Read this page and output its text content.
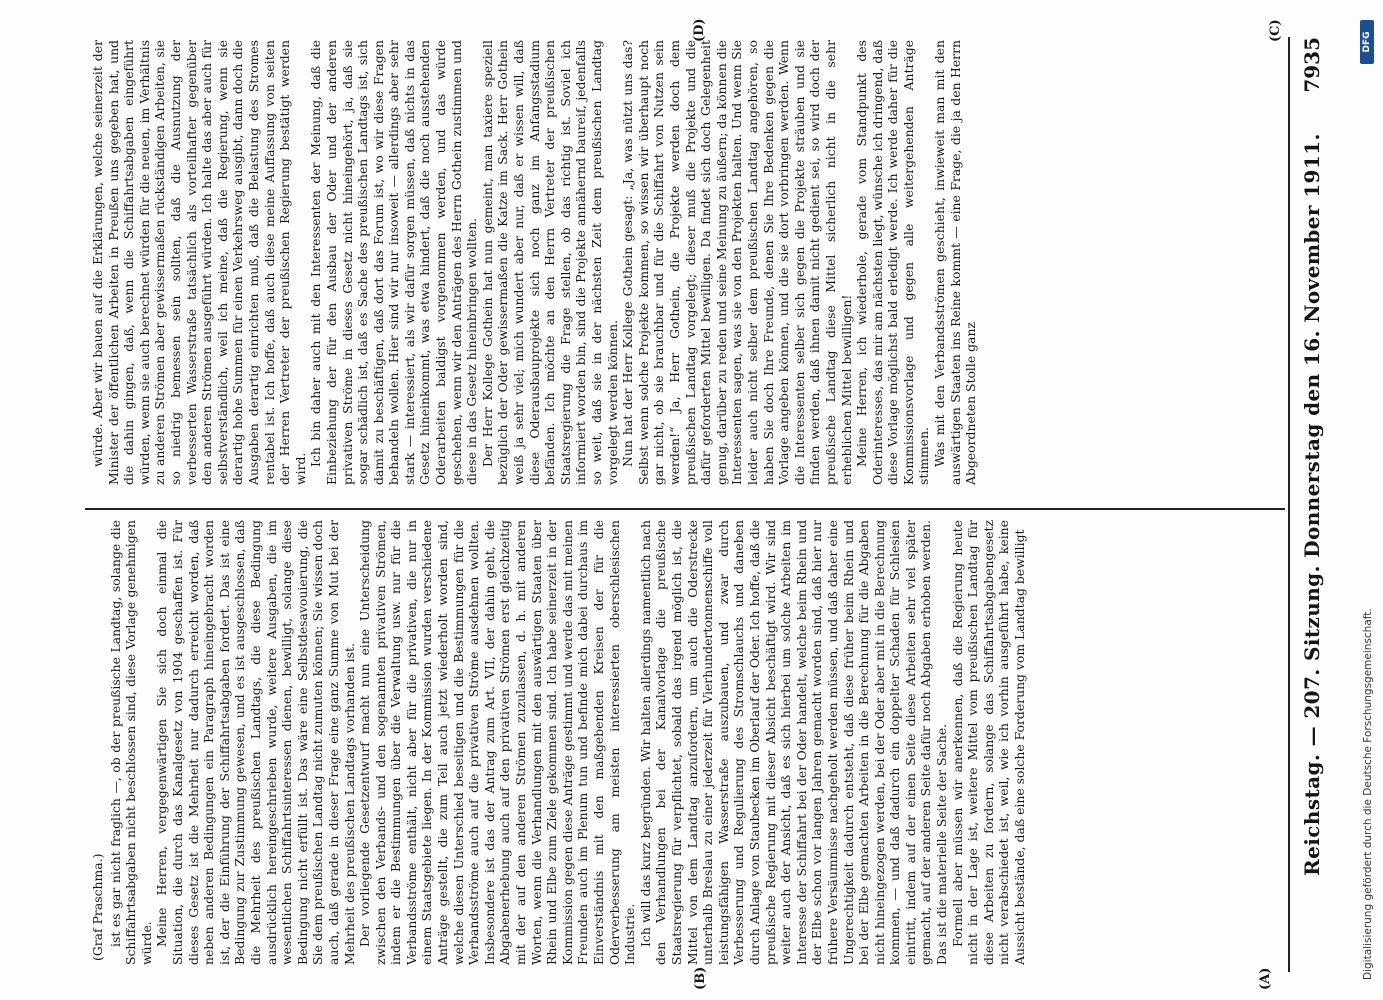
Reichstag. — 207. Sitzung. Donnerstag den 16. November 1911.
7935
(A)
(B)
(C)
(D)

(Graf Praschma.) ist es gar nicht fraglich —, ob der preußische Landtag, solange die Schiffahrtsabgaben nicht beschlossen sind, diese Vorlage genehmigen würde. Meine Herren, vergegenwärtigen Sie sich doch einmal die Situation, die durch das Kanalgesetz von 1904 geschaffen ist. Für dieses Gesetz ist die Mehrheit nur dadurch erreicht worden, daß neben anderen Bedingungen ein Paragraph hineingebracht worden ist, der die Einführung der Schiffahrtsabgaben fordert. Das ist eine Bedingung zur Zustimmung gewesen, und es ist ausgeschlossen, daß die Mehrheit des preußischen Landtags, die diese Bedingung ausdrücklich hereingeschrieben wurde, weitere Ausgaben, die im wesentlichen Schiffahrtsinteressen dienen, bewilligt, solange diese Bedingung nicht erfüllt ist. Das wäre eine Selbstdesavouierung, die Sie dem preußischen Landtag nicht zumuten können; Sie wissen doch auch, daß gerade in dieser Frage eine ganz Summe von Mut bei der Mehrheit des preußischen Landtags vorhanden ist. Der vorliegende Gesetzentwurf macht nun eine Unterscheidung zwischen den Verbands- und den sogenannten privativen Strömen, indem er die Bestimmungen über die Verwaltung usw. nur für die Verbandsströme enthält, nicht aber für die privativen, die nur in einem Staatsgebiete liegen. In der Kommission wurden verschiedene Anträge gestellt, die zum Teil auch jetzt wiederholt worden sind, welche diesen Unterschied beseitigen und die Bestimmungen für die Verbandsströme auch auf die privativen Ströme ausdehnen wollten. Insbesondere ist das der Antrag zum Art. VII, der dahin geht, die Abgabenerhebung auch auf den privativen Strömen erst gleichzeitig mit der auf den anderen Strömen zuzulassen, d. h. mit anderen Worten, wenn die Verhandlungen mit den auswärtigen Staaten über Rhein und Elbe zum Ziele gekommen sind. Ich habe seinerzeit in der Kommission gegen diese Anträge gestimmt und werde das mit meinen Freunden auch im Plenum tun und befinde mich dabei durchaus im Einverständnis mit den maßgebenden Kreisen der für die Oderverbesserung am meisten interessierten oberschlesischen Industrie. Ich will das kurz begründen. Wir halten allerdings namentlich nach den Verhandlungen bei der Kanalvorlage die preußische Staatsregierung für verpflichtet, sobald das irgend möglich ist, die Mittel von dem Landtag anzufordern, um auch die Oderstrecke unterhalb Breslau zu einer jederzeit für Vierhundertonnenschiffe voll leistungsfähigen Wasserstraße auszubauen, und zwar durch Verbesserung und Regulierung des Stromschlauchs und daneben durch Anlage von Staubecken im Oberlauf der Oder. Ich hoffe, daß die preußische Regierung mit dieser Absicht beschäftigt wird. Wir sind weiter auch der Ansicht, daß es sich hierbei um solche Arbeiten im Interesse der Schiffahrt bei der Oder handelt, welche beim Rhein und der Elbe schon vor langen Jahren gemacht worden sind, daß hier nur frühere Versäumnisse nachgeholt werden müssen, und daß daher eine Ungerechtigkeit dadurch entsteht, daß diese früher beim Rhein und bei der Elbe gemachten Arbeiten in die Berechnung für die Abgaben nicht hineingezogen werden, bei der Oder aber mit in die Berechnung kommen, — und daß dadurch ein doppelter Schaden für Schlesien eintritt, indem auf der einen Seite diese Arbeiten sehr viel später gemacht, auf der anderen Seite dafür noch Abgaben erhoben werden. Das ist die materielle Seite der Sache. Formell aber müssen wir anerkennen, daß die Regierung heute nicht in der Lage ist, weitere Mittel vom preußischen Landtag für diese Arbeiten zu fordern, solange das Schiffahrtsabgabengesetz nicht verabschiedet ist, weil, wie ich vorhin ausgeführt habe, keine Aussicht bestände, daß eine solche Forderung vom Landtag bewilligt

würde. Aber wir bauen auf die Erklärungen, welche seinerzeit der Minister der öffentlichen Arbeiten in Preußen uns gegeben hat, und die dahin gingen, daß, wenn die Schiffahrtsabgaben eingeführt würden, wenn sie auch berechnet würden für die neuen, im Verhältnis zu anderen Strömen aber gewissermaßen rückständigen Arbeiten, sie so niedrig bemessen sein sollten, daß die Ausnutzung der verbesserten Wasserstraße tatsächlich als vorteilhafter gegenüber den anderen Strömen ausgeführt würden. Ich halte das aber auch für selbstverständlich, weil ich meine, daß die Regierung, wenn sie derartig hohe Summen für einen Verkehrsweg ausgibt, dann doch die Ausgaben derartig einrichten muß, daß die Belastung des Stromes rentabel ist. Ich hoffe, daß auch diese meine Auffassung von seiten der Herren Vertreter der preußischen Regierung bestätigt werden wird.

Ich bin daher auch mit den Interessenten der Meinung, daß die Einbeziehung der für den Ausbau der Oder und der anderen privativen Ströme in dieses Gesetz nicht hineingehört, ja, daß sie sogar schädlich ist, daß es Sache des preußischen Landtags ist, sich damit zu beschäftigen, daß dort das Forum ist, wo wir diese Fragen behandeln wollen. Hier sind wir nur insoweit — allerdings aber sehr stark — interessiert, als wir dafür sorgen müssen, daß nichts in das Gesetz hineinkommt, was etwa hindert, daß die noch ausstehenden Oderarbeiten baldigst vorgenommen werden, und das würde geschehen, wenn wir den Anträgen des Herrn Gothein zustimmen und diese in das Gesetz hineinbringen wollten. Der Herr Kollege Gothein hat nun gemeint, man taxiere speziell bezüglich der Oder gewissermaßen die Katze im Sack. Herr Gothein weiß ja sehr viel; mich wundert aber nur, daß er wissen will, daß diese Oderausbauprojekte sich noch ganz im Anfangsstadium befänden. Ich möchte an den Herrn Vertreter der preußischen Staatsregierung die Frage stellen, ob das richtig ist. Soviel ich informiert worden bin, sind die Projekte annähernd baureif, jedenfalls so weit, daß sie in der nächsten Zeit dem preußischen Landtag vorgelegt werden können. Nun hat der Herr Kollege Gothein gesagt: „Ja, was nützt uns das? Selbst wenn solche Projekte kommen, so wissen wir überhaupt noch gar nicht, ob sie brauchbar und für die Schiffahrt von Nutzen sein werden!“ Ja, Herr Gothein, die Projekte werden doch dem preußischen Landtag vorgelegt; dieser muß die Projekte und die dafür geforderten Mittel bewilligen. Da findet sich doch Gelegenheit genug, darüber zu reden und seine Meinung zu äußern; da können die Interessenten sagen, was sie von den Projekten halten. Und wenn Sie leider auch nicht selber dem preußischen Landtag angehören, so haben Sie doch Ihre Freunde, denen Sie Ihre Bedenken gegen die Vorlage angeben können, und die sie dort vorbringen werden. Wenn die Interessenten selber sich gegen die Projekte sträuben und sie finden werden, daß ihnen damit nicht gedient sei, so wird doch der preußische Landtag diese Mittel sicherlich nicht in die sehr erheblichen Mittel bewilligen! Meine Herren, ich wiederhole, gerade vom Standpunkt des Oderinteresses, das mir am nächsten liegt, wünsche ich dringend, daß diese Vorlage möglichst bald erledigt werde. Ich werde daher für die Kommissionsvorlage und gegen alle weitergehenden Anträge stimmen. Was mit den Verbandsströmen geschieht, inwieweit man mit den auswärtigen Staaten ins Reine kommt — eine Frage, die ja den Herrn Abgeordneten Stolle ganz

Digitalisierung gefördert durch die Deutsche Forschungsgemeinschaft.
DFG
